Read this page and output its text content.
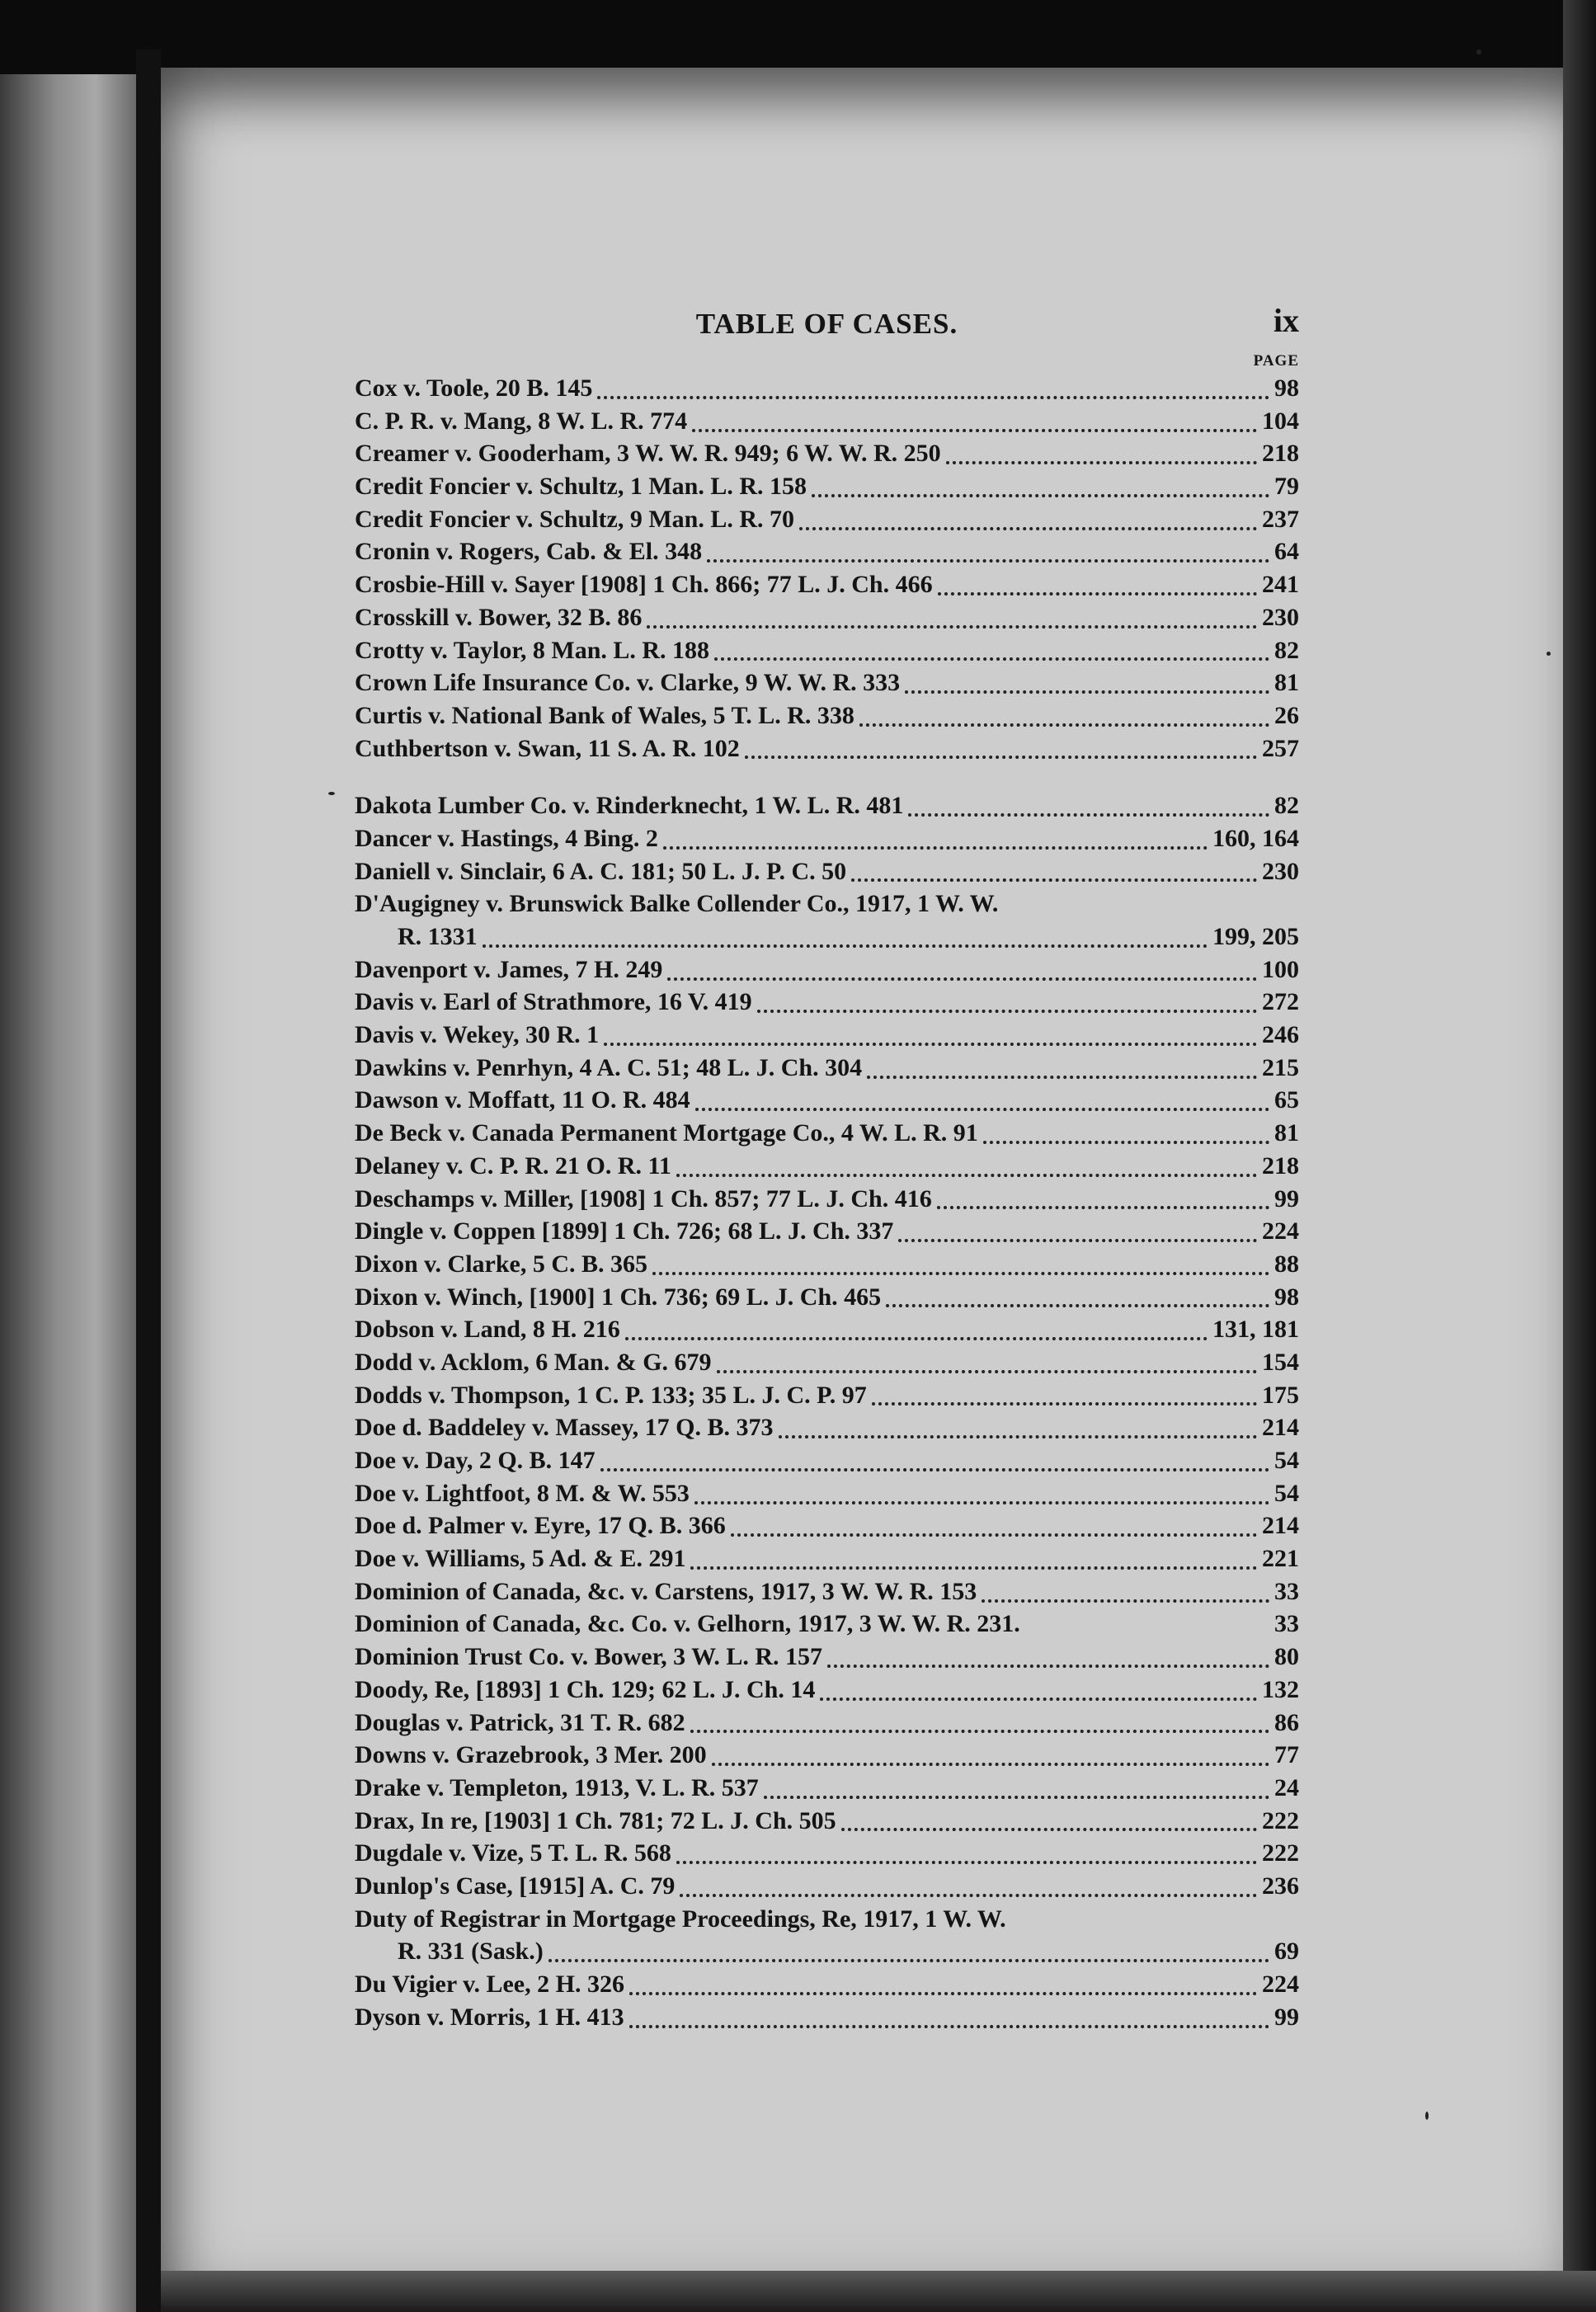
TABLE OF CASES.	ix
PAGE
Cox v. Toole, 20 B. 145	98
C. P. R. v. Mang, 8 W. L. R. 774	104
Creamer v. Gooderham, 3 W. W. R. 949; 6 W. W. R. 250	218
Credit Foncier v. Schultz, 1 Man. L. R. 158	79
Credit Foncier v. Schultz, 9 Man. L. R. 70	237
Cronin v. Rogers, Cab. & El. 348	64
Crosbie-Hill v. Sayer [1908] 1 Ch. 866; 77 L. J. Ch. 466	241
Crosskill v. Bower, 32 B. 86	230
Crotty v. Taylor, 8 Man. L. R. 188	82
Crown Life Insurance Co. v. Clarke, 9 W. W. R. 333	81
Curtis v. National Bank of Wales, 5 T. L. R. 338	26
Cuthbertson v. Swan, 11 S. A. R. 102	257
Dakota Lumber Co. v. Rinderknecht, 1 W. L. R. 481	82
Dancer v. Hastings, 4 Bing. 2	160, 164
Daniell v. Sinclair, 6 A. C. 181; 50 L. J. P. C. 50	230
D'Augigney v. Brunswick Balke Collender Co., 1917, 1 W. W.
R. 1331	199, 205
Davenport v. James, 7 H. 249	100
Davis v. Earl of Strathmore, 16 V. 419	272
Davis v. Wekey, 30 R. 1	246
Dawkins v. Penrhyn, 4 A. C. 51; 48 L. J. Ch. 304	215
Dawson v. Moffatt, 11 O. R. 484	65
De Beck v. Canada Permanent Mortgage Co., 4 W. L. R. 91	81
Delaney v. C. P. R. 21 O. R. 11	218
Deschamps v. Miller, [1908] 1 Ch. 857; 77 L. J. Ch. 416	99
Dingle v. Coppen [1899] 1 Ch. 726; 68 L. J. Ch. 337	224
Dixon v. Clarke, 5 C. B. 365	88
Dixon v. Winch, [1900] 1 Ch. 736; 69 L. J. Ch. 465	98
Dobson v. Land, 8 H. 216	131, 181
Dodd v. Acklom, 6 Man. & G. 679	154
Dodds v. Thompson, 1 C. P. 133; 35 L. J. C. P. 97	175
Doe d. Baddeley v. Massey, 17 Q. B. 373	214
Doe v. Day, 2 Q. B. 147	54
Doe v. Lightfoot, 8 M. & W. 553	54
Doe d. Palmer v. Eyre, 17 Q. B. 366	214
Doe v. Williams, 5 Ad. & E. 291	221
Dominion of Canada, &c. v. Carstens, 1917, 3 W. W. R. 153	33
Dominion of Canada, &c. Co. v. Gelhorn, 1917, 3 W. W. R. 231.	33
Dominion Trust Co. v. Bower, 3 W. L. R. 157	80
Doody, Re, [1893] 1 Ch. 129; 62 L. J. Ch. 14	132
Douglas v. Patrick, 31 T. R. 682	86
Downs v. Grazebrook, 3 Mer. 200	77
Drake v. Templeton, 1913, V. L. R. 537	24
Drax, In re, [1903] 1 Ch. 781; 72 L. J. Ch. 505	222
Dugdale v. Vize, 5 T. L. R. 568	222
Dunlop's Case, [1915] A. C. 79	236
Duty of Registrar in Mortgage Proceedings, Re, 1917, 1 W. W.
R. 331 (Sask.)	69
Du Vigier v. Lee, 2 H. 326	224
Dyson v. Morris, 1 H. 413	99
